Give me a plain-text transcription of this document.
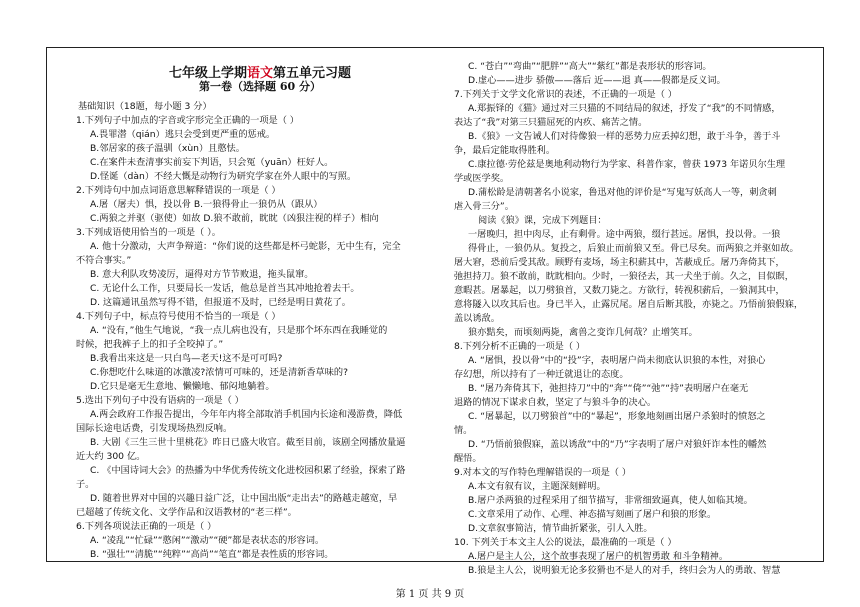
七年级上学期语文第五单元习题
第一卷（选择题 60 分）
基础知识（18题，每小题 3 分）
1.下列句子中加点的字音或字形完全正确的一项是（ ）
A.畏罪潜（qián）逃只会受到更严重的惩戒。
B.邻居家的孩子温驯（xùn）且憨怯。
C.在案件未查清事实前妄下判语，只会冤（yuān）枉好人。
D.怪诞（dàn）不经大慨是动物行为研究学家在外人眼中的写照。
2.下列诗句中加点词语意思解释错误的一项是（ ）
A.屠（屠夫）惧，投以骨 B.一狼得骨止一狼仍从（跟从）
C.两狼之并驱（驱使）如故 D.狼不敢前，眈眈（凶狠注视的样子）相向
3.下列成语使用恰当的一项是（ ）。
A. 他十分激动，大声争辩道：“你们说的这些都是杯弓蛇影，无中生有，完全
不符合事实。”
B. 意大利队攻势凌厉，逼得对方节节败退，拖头鼠窜。
C. 无论什么工作，只要局长一发话，他总是首当其冲地抢着去干。
D. 这篇通讯虽然写得不错，但报道不及时，已经是明日黄花了。
4.下列句子中，标点符号使用不恰当的一项是（ ）
A. “没有，”他生气地说，“我一点儿病也没有，只是那个坏东西在我睡觉的
时候，把我裤子上的扣子全咬掉了。”
B.我看出来这是一只白鸟—老天!这不是可可吗?
C.你想吃什么味道的冰激凌?浓情可可味的，还是清新香草味的?
D.它只是毫无生意地、懒懒地、郁闷地躺着。
5.选出下列句子中没有语病的一项是（ ）
A.两会政府工作报告提出，今年年内将全部取消手机国内长途和漫游费，降低
国际长途电话费，引发现场热烈反响。
B. 大剧《三生三世十里桃花》昨日已盛大收官。截至目前，该剧全网播放量逼
近大约 300 亿。
C. 《中国诗词大会》的热播为中华优秀传统文化进校园积累了经验，探索了路
子。
D. 随着世界对中国的兴趣日益广泛，让中国出版“走出去”的路越走越宽，早
已超越了传统文化、文学作品和汉语教材的“老三样”。
6.下列各项说法正确的一项是（ ）
A. “凌乱”“忙碌”“憨闲”“激动”“硬”都是表状态的形容词。
B. “强壮”“清脆”“纯粹”“高尚”“笔直”都是表性质的形容词。
C. “苍白”“弯曲”“肥胖”“高大”“紫红”都是表形状的形容词。
D.虚心——进步 骄傲——落后 近——退 真——假都是反义词。
7.下列关于文学文化常识的表述，不正确的一项是（ ）
A.郑振铎的《猫》通过对三只猫的不同结局的叙述，抒发了“我”的不同情感，
表达了“我”对第三只猫屈死的内疚、痛苦之情。
B.《狼》一文告诫人们对待像狼一样的恶势力应丢掉幻想，敢于斗争，善于斗
争，最后定能取得胜利。
C.康拉德·劳伦兹是奥地利动物行为学家、科普作家，曾获 1973 年诺贝尔生理
学或医学奖。
D.蒲松龄是清朝著名小说家，鲁迅对他的评价是“写鬼写妖高人一等，刺贪刺
虐入骨三分”。
阅读《狼》课，完成下列题目：
一屠晚归，担中肉尽，止有剩骨。途中两狼，缀行甚远。屠惧，投以骨。一狼
得骨止，一狼仍从。复投之，后狼止而前狼又至。骨已尽矣。而两狼之并驱如故。
屠大窘，恐前后受其敌。顾野有麦场，场主积薪其中，苫蔽成丘。屠乃奔倚其下，
弛担持刀。狼不敢前，眈眈相向。少时，一狼径去，其一犬坐于前。久之，目似瞑，
意暇甚。屠暴起，以刀劈狼首，又数刀毙之。方欲行，转视积薪后，一狼洞其中，
意将隧入以攻其后也。身已半入，止露尻尾。屠自后断其股，亦毙之。乃悟前狼假寐，
盖以诱敌。
狼亦黠矣，而顷刻两毙，禽兽之变诈几何哉？止增笑耳。
8.下列分析不正确的一项是（ ）
A. “屠惧，投以骨”中的“投”字，表明屠户尚未彻底认识狼的本性，对狼心
存幻想，所以持有了一种迁就退让的态度。
B. “屠乃奔倚其下，弛担持刀”中的“奔”“倚”“弛”“持”表明屠户在毫无
退路的情况下谋求自救，坚定了与狼斗争的决心。
C. “屠暴起，以刀劈狼首”中的“暴起”，形象地刻画出屠户杀狼时的愤怒之
情。
D. “乃悟前狼假寐，盖以诱敌”中的“乃”字表明了屠户对狼奸诈本性的幡然
醒悟。
9.对本文的写作特色理解错误的一项是（ ）
A.本文有叙有议，主题深刻鲜明。
B.屠户杀两狼的过程采用了细节描写，非常细致逼真，使人如临其境。
C.文章采用了动作、心理、神态描写刻画了屠户和狼的形象。
D.文章叙事简洁，情节曲折紧张，引人入胜。
10. 下列关于本文主人公的说法，最准确的一项是（ ）
A.屠户是主人公，这个故事表现了屠户的机智勇敢 和斗争精神。
B.狼是主人公，说明狼无论多狡猾也不是人的对手，终归会为人的勇敢、智慧
第 1 页 共 9 页
